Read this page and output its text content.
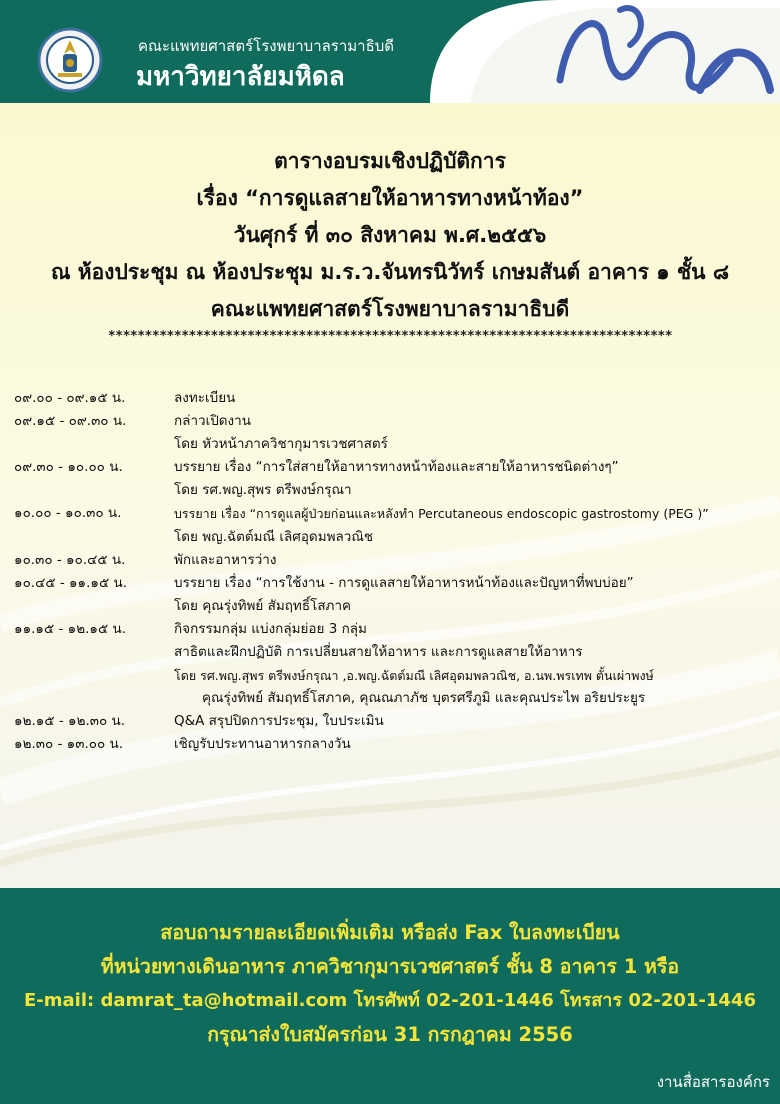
คณะแพทยศาสตร์โรงพยาบาลรามาธิบดี
มหาวิทยาลัยมหิดล
ตารางอบรมเชิงปฏิบัติการ
เรื่อง “การดูแลสายให้อาหารทางหน้าท้อง”
วันศุกร์ ที่ ๓๐ สิงหาคม พ.ศ.๒๕๕๖
ณ ห้องประชุม ณ ห้องประชุม ม.ร.ว.จันทรนิวัทร์ เกษมสันต์ อาคาร ๑ ชั้น ๘
คณะแพทยศาสตร์โรงพยาบาลรามาธิบดี
*****************************************************************************
๐๙.๐๐ - ๐๙.๑๕ น.	ลงทะเบียน
๐๙.๑๕ - ๐๙.๓๐ น.	กล่าวเปิดงาน
โดย หัวหน้าภาควิชากุมารเวชศาสตร์
๐๙.๓๐ - ๑๐.๐๐ น.	บรรยาย เรื่อง “การใส่สายให้อาหารทางหน้าท้องและสายให้อาหารชนิดต่างๆ”
โดย รศ.พญ.สุพร ตรีพงษ์กรุณา
๑๐.๐๐ - ๑๐.๓๐ น.	บรรยาย เรื่อง “การดูแลผู้ป่วยก่อนและหลังทำ Percutaneous endoscopic gastrostomy (PEG )”
โดย พญ.ฉัตต์มณี เลิศอุดมพลวณิช
๑๐.๓๐ - ๑๐.๔๕ น.	พักและอาหารว่าง
๑๐.๔๕ - ๑๑.๑๕ น.	บรรยาย เรื่อง “การใช้งาน - การดูแลสายให้อาหารหน้าท้องและปัญหาที่พบบ่อย”
โดย คุณรุ่งทิพย์ สัมฤทธิ์โสภาค
๑๑.๑๕ - ๑๒.๑๕ น.	กิจกรรมกลุ่ม แบ่งกลุ่มย่อย 3 กลุ่ม
สาธิตและฝึกปฏิบัติ การเปลี่ยนสายให้อาหาร และการดูแลสายให้อาหาร
โดย รศ.พญ.สุพร ตรีพงษ์กรุณา ,อ.พญ.ฉัตต์มณี เลิศอุดมพลวณิช, อ.นพ.พรเทพ ตั้นเผ่าพงษ์
คุณรุ่งทิพย์ สัมฤทธิ์โสภาค, คุณณภาภัช บุตรศรีภูมิ และคุณประไพ อริยประยูร
๑๒.๑๕ - ๑๒.๓๐ น.	Q&A สรุปปิดการประชุม, ใบประเมิน
๑๒.๓๐ - ๑๓.๐๐ น.	เชิญรับประทานอาหารกลางวัน
สอบถามรายละเอียดเพิ่มเติม หรือส่ง Fax ใบลงทะเบียน
ที่หน่วยทางเดินอาหาร ภาควิชากุมารเวชศาสตร์ ชั้น 8 อาคาร 1 หรือ
E-mail: damrat_ta@hotmail.com โทรศัพท์ 02-201-1446 โทรสาร 02-201-1446
กรุณาส่งใบสมัครก่อน 31 กรกฎาคม 2556
งานสื่อสารองค์กร
